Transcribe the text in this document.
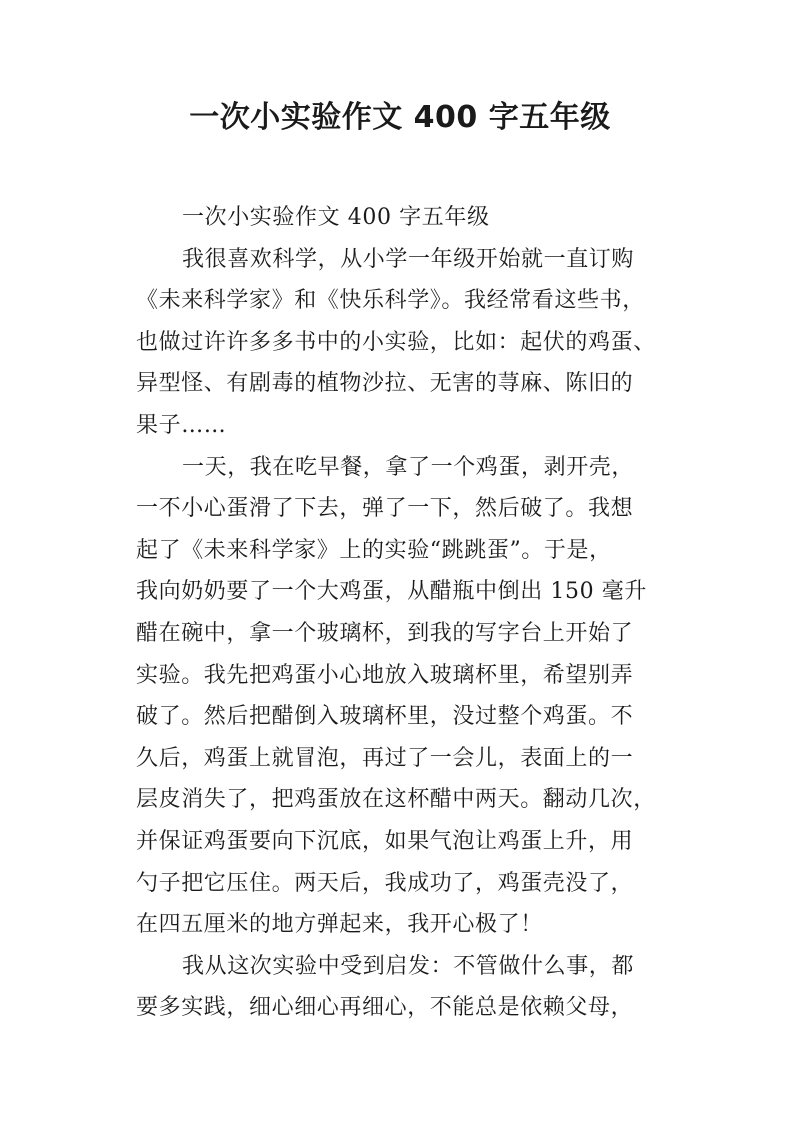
一次小实验作文 400 字五年级
一次小实验作文 400 字五年级
我很喜欢科学，从小学一年级开始就一直订购
《未来科学家》和《快乐科学》。我经常看这些书，
也做过许许多多书中的小实验，比如：起伏的鸡蛋、
异型怪、有剧毒的植物沙拉、无害的荨麻、陈旧的
果子……
一天，我在吃早餐，拿了一个鸡蛋，剥开壳，
一不小心蛋滑了下去，弹了一下，然后破了。我想
起了《未来科学家》上的实验“跳跳蛋”。于是，
我向奶奶要了一个大鸡蛋，从醋瓶中倒出 150 毫升
醋在碗中，拿一个玻璃杯，到我的写字台上开始了
实验。我先把鸡蛋小心地放入玻璃杯里，希望别弄
破了。然后把醋倒入玻璃杯里，没过整个鸡蛋。不
久后，鸡蛋上就冒泡，再过了一会儿，表面上的一
层皮消失了，把鸡蛋放在这杯醋中两天。翻动几次，
并保证鸡蛋要向下沉底，如果气泡让鸡蛋上升，用
勺子把它压住。两天后，我成功了，鸡蛋壳没了，
在四五厘米的地方弹起来，我开心极了！
我从这次实验中受到启发：不管做什么事，都
要多实践，细心细心再细心，不能总是依赖父母，
